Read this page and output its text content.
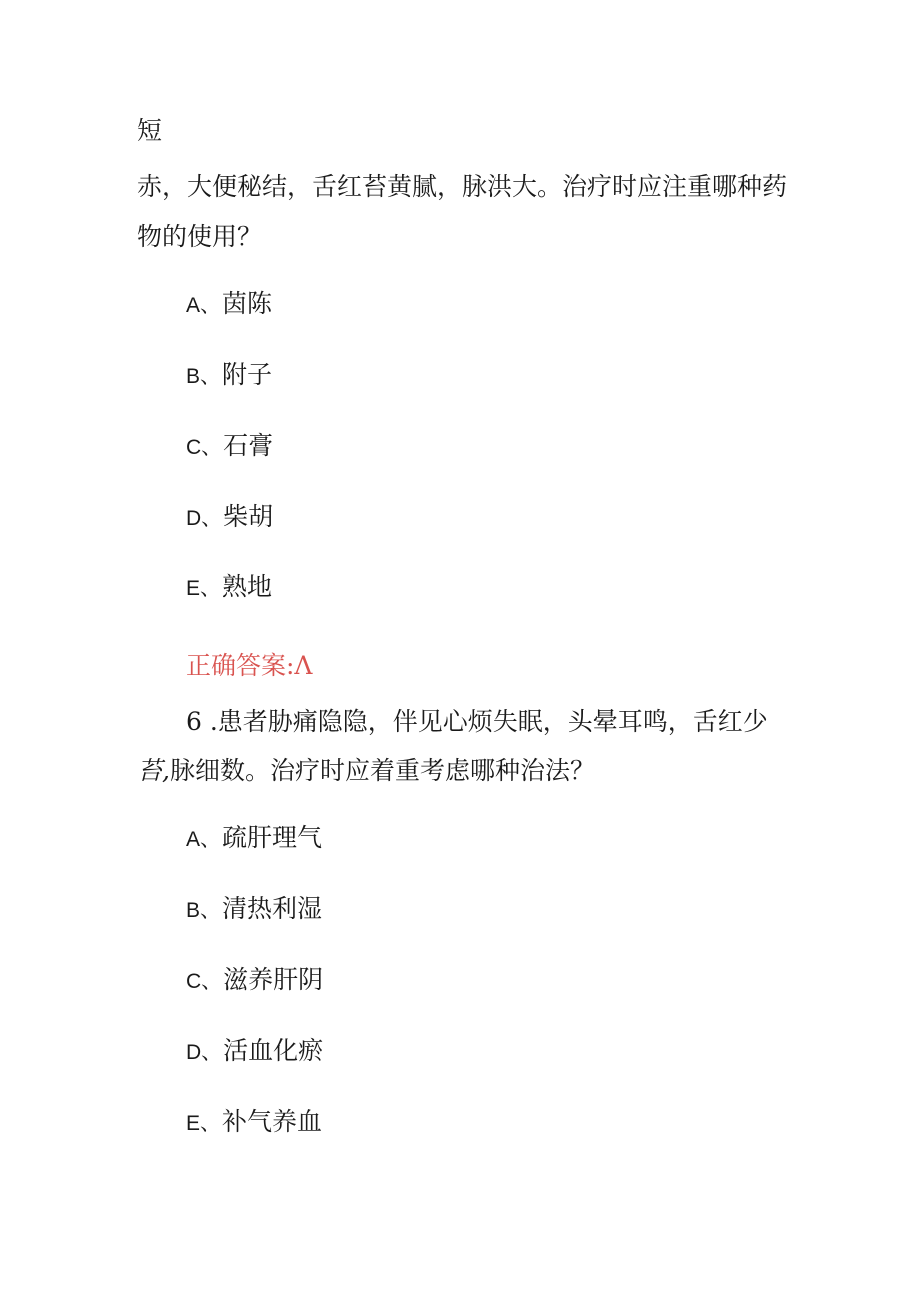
短
赤，大便秘结，舌红苔黄腻，脉洪大。治疗时应注重哪种药
物的使用？
A、茵陈
B、附子
C、石膏
D、柴胡
E、熟地
正确答案:Λ
6 .患者胁痛隐隐，伴见心烦失眠，头晕耳鸣，舌红少
苔,脉细数。治疗时应着重考虑哪种治法？
A、疏肝理气
B、清热利湿
C、滋养肝阴
D、活血化瘀
E、补气养血
